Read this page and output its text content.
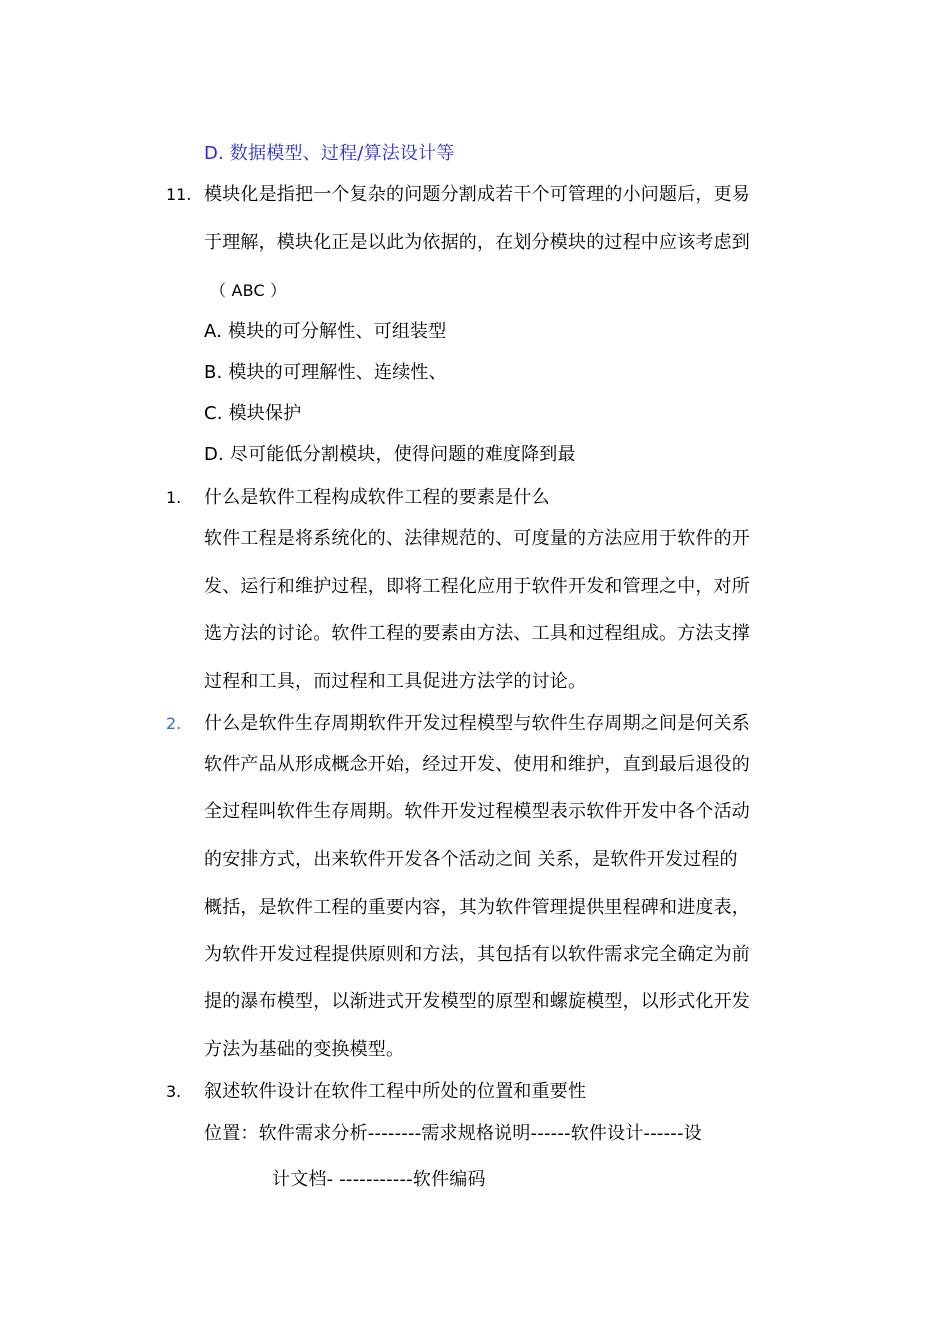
D. 数据模型、过程/算法设计等
11. 模块化是指把一个复杂的问题分割成若干个可管理的小问题后，更易
于理解，模块化正是以此为依据的，在划分模块的过程中应该考虑到
（ ABC ）
A. 模块的可分解性、可组装型
B. 模块的可理解性、连续性、
C. 模块保护
D. 尽可能低分割模块，使得问题的难度降到最
1. 什么是软件工程构成软件工程的要素是什么
软件工程是将系统化的、法律规范的、可度量的方法应用于软件的开
发、运行和维护过程，即将工程化应用于软件开发和管理之中，对所
选方法的讨论。软件工程的要素由方法、工具和过程组成。方法支撑
过程和工具，而过程和工具促进方法学的讨论。
2. 什么是软件生存周期软件开发过程模型与软件生存周期之间是何关系
软件产品从形成概念开始，经过开发、使用和维护，直到最后退役的
全过程叫软件生存周期。软件开发过程模型表示软件开发中各个活动
的安排方式，出来软件开发各个活动之间 关系，是软件开发过程的
概括，是软件工程的重要内容，其为软件管理提供里程碑和进度表，
为软件开发过程提供原则和方法，其包括有以软件需求完全确定为前
提的瀑布模型，以渐进式开发模型的原型和螺旋模型，以形式化开发
方法为基础的变换模型。
3. 叙述软件设计在软件工程中所处的位置和重要性
位置：软件需求分析--------需求规格说明------软件设计------设
计文档- -----------软件编码
